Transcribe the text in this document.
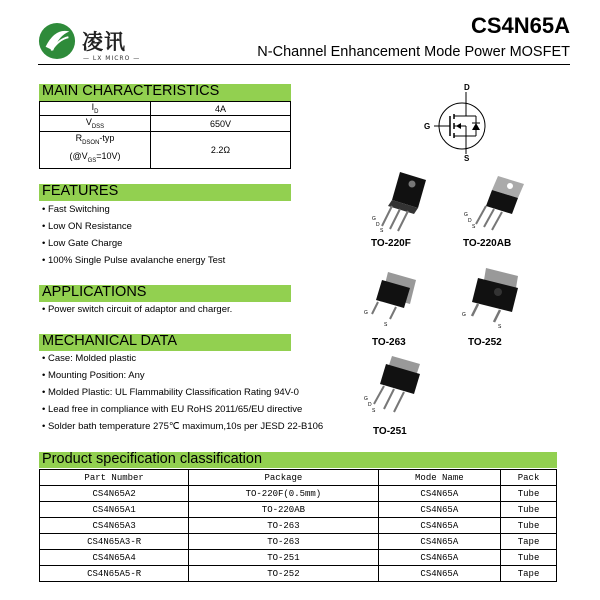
凌讯
— LX MICRO —
CS4N65A
N-Channel Enhancement Mode Power MOSFET
MAIN CHARACTERISTICS
$I_D$	4A
$V_{DSS}$	650V
$R_{DSON}$-typ
$(@V_{GS}=10V)$	2.2Ω
FEATURES
• Fast Switching
• Low ON Resistance
• Low Gate Charge
• 100% Single Pulse avalanche energy Test
APPLICATIONS
• Power switch circuit of adaptor and charger.
MECHANICAL DATA
• Case: Molded plastic
• Mounting Position: Any
• Molded Plastic: UL Flammability Classification Rating 94V-0
• Lead free in compliance with EU RoHS 2011/65/EU directive
• Solder bath temperature 275℃ maximum,10s per JESD 22-B106
D
G
S
G
D
S
TO-220F
G
D
S
TO-220AB
G
S
TO-263
G
S
TO-252
G
D
S
TO-251
Product specification classification
Part Number	Package	Mode Name	Pack
CS4N65A2	TO-220F(0.5mm)	CS4N65A	Tube
CS4N65A1	TO-220AB	CS4N65A	Tube
CS4N65A3	TO-263	CS4N65A	Tube
CS4N65A3-R	TO-263	CS4N65A	Tape
CS4N65A4	TO-251	CS4N65A	Tube
CS4N65A5-R	TO-252	CS4N65A	Tape
